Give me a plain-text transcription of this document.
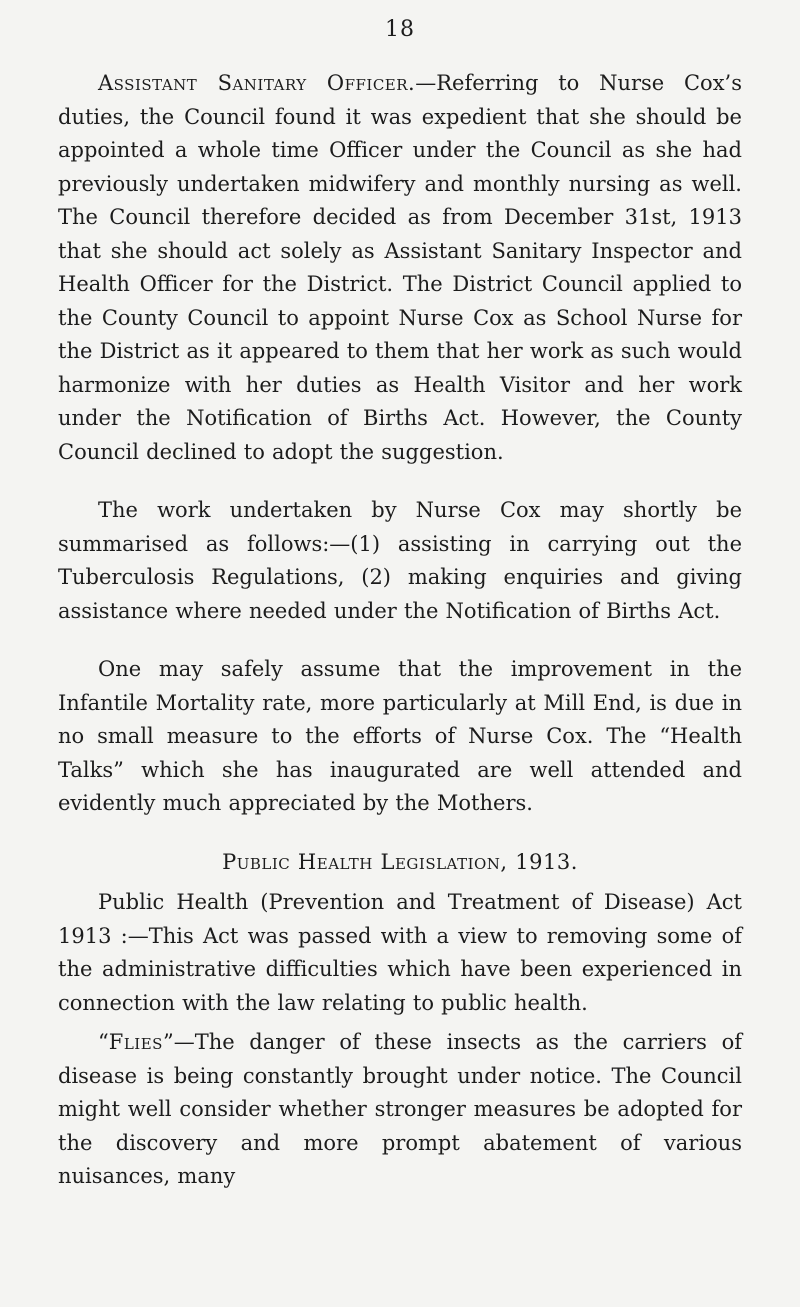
18

Assistant Sanitary Officer.—Referring to Nurse Cox’s duties, the Council found it was expedient that she should be appointed a whole time Officer under the Council as she had previously undertaken midwifery and monthly nursing as well. The Council therefore decided as from December 31st, 1913 that she should act solely as Assistant Sanitary Inspector and Health Officer for the District. The District Council applied to the County Council to appoint Nurse Cox as School Nurse for the District as it appeared to them that her work as such would harmonize with her duties as Health Visitor and her work under the Notification of Births Act. However, the County Council declined to adopt the suggestion.

The work undertaken by Nurse Cox may shortly be summarised as follows:—(1) assisting in carrying out the Tuberculosis Regulations, (2) making enquiries and giving assistance where needed under the Notification of Births Act.

One may safely assume that the improvement in the Infantile Mortality rate, more particularly at Mill End, is due in no small measure to the efforts of Nurse Cox. The “Health Talks” which she has inaugurated are well attended and evidently much appreciated by the Mothers.

Public Health Legislation, 1913.

Public Health (Prevention and Treatment of Disease) Act 1913 :—This Act was passed with a view to removing some of the administrative difficulties which have been experienced in connection with the law relating to public health.

“Flies”—The danger of these insects as the carriers of disease is being constantly brought under notice. The Council might well consider whether stronger measures be adopted for the discovery and more prompt abatement of various nuisances, many
